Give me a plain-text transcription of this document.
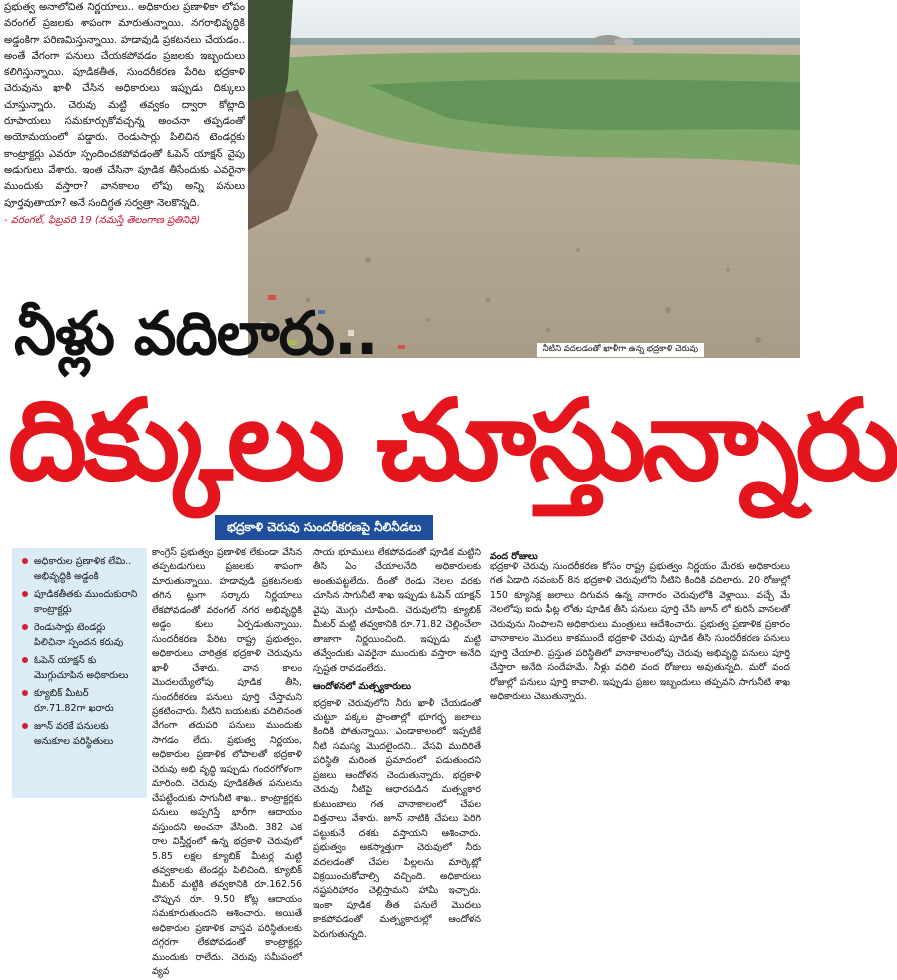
ప్రభుత్వ అనాలోచిత నిర్ణయాలు.. అధికారుల ప్రణాళికా లోపం వరంగల్ ప్రజలకు శాపంగా మారుతున్నాయి. నగరాభివృద్ధికి అడ్డంకిగా పరిణమిస్తున్నాయి. హడావుడి ప్రకటనలు చేయడం.. అంతే వేగంగా పనులు చేయకపోవడం ప్రజలకు ఇబ్బందులు కలిగిస్తున్నాయి. పూడికతీత, సుందరీకరణ పేరిట భద్రకాళి చెరువును ఖాళీ చేసిన అధికారులు ఇప్పుడు దిక్కులు చూస్తున్నారు. చెరువు మట్టి తవ్వకం ద్వారా కోట్లాది రూపాయలు సమకూర్చుకోవచ్చన్న అంచనా తప్పడంతో అయోమయంలో పడ్డారు. రెండుసార్లు పిలిచిన టెండర్లకు కాంట్రాక్టర్లు ఎవరూ స్పందించకపోవడంతో ఓపెన్ యాక్షన్ వైపు అడుగులు వేశారు. ఇంత చేసినా పూడిక తీసేందుకు ఎవరైనా ముందుకు వస్తారా? వానకాలం లోపు అన్ని పనులు పూర్తవుతాయా? అనే సందిగ్ధత సర్వత్రా నెలకొన్నది.

- వరంగల్, ఫిబ్రవరి 19 (నమస్తే తెలంగాణ ప్రతినిధి)

నీటిని వదలడంతో ఖాళీగా ఉన్న భద్రకాళి చెరువు
నీళ్లు వదిలారు..
దిక్కులు చూస్తున్నారు
భద్రకాళి చెరువు సుందరీకరణపై నీలినీడలు
అధికారుల ప్రణాళిక లేమి.. అభివృద్ధికి అడ్డంకి
పూడికతీతకు ముందుకురాని కాంట్రాక్టర్లు
రెండుసార్లు టెండర్లు పిలిచినా స్పందన కరువు
ఓపెన్ యాక్షన్ కు మొగ్గుచూపిన అధికారులు
క్యూబిక్ మీటర్ రూ.71.82గా ఖరారు
జూన్ వరకే పనులకు అనుకూల పరిస్థితులు

కాంగ్రెస్ ప్రభుత్వం ప్రణాళిక లేకుండా వేసిన తప్పటడుగులు ప్రజలకు శాపంగా మారుతున్నాయి. హడావుడి ప్రకటనలకు తగిన ట్లుగా సర్కారు నిర్ణయాలు లేకపోవడంతో వరంగల్ నగర అభివృద్ధికి అడ్డం కులు ఏర్పడుతున్నాయి. సుందరీకరణ పేరిట రాష్ట్ర ప్రభుత్వం, అధికారులు చారిత్రక భద్రకాళి చెరువును ఖాళీ చేశారు. వాన కాలం మొదలయ్యేలోపు పూడిక తీసి, సుందరీకరణ పనులు పూర్తి చేస్తామని ప్రకటించారు. నీటిని బయటకు వదిలినంత వేగంగా తదుపరి పనులు ముందుకు సాగడం లేదు. ప్రభుత్వ నిర్ణయం, అధికారుల ప్రణాళిక లోపాలతో భద్రకాళి చెరువు అభి వృద్ధి ఇప్పుడు గందరగోళంగా మారింది. చెరువు పూడికతీత పనులను చేపట్టేందుకు సాగునీటి శాఖ.. కాంట్రాక్టర్లకు పనులు అప్పగిస్తే భారీగా ఆదాయం వస్తుందని అంచనా వేసింది. 382 ఎక రాల విస్తీర్ణంలో ఉన్న భద్రకాళి చెరువులో 5.85 లక్షల క్యూబిక్ మీటర్ల మట్టి తవ్వకాలకు టెండర్లు పిలిచింది. క్యూబిక్ మీటర్ మట్టికి తవ్వకానికి రూ.162.56 చొప్పున రూ. 9.50 కోట్ల ఆదాయం సమకూరుతుందని ఆశించారు. అయితే అధికారుల ప్రణాళిక వాస్తవ పరిస్థితులకు దగ్గరగా లేకపోవడంతో కాంట్రాక్టర్లు ముందుకు రాలేదు. చెరువు సమీపంలో వ్యవ

సాయ భూములు లేకపోవడంతో పూడిక మట్టిని తీసి ఏం చేయాలనేది అధికారులకు అంతుపట్టలేదు. దీంతో రెండు నెలల వరకు చూసిన సాగునీటి శాఖ ఇప్పుడు ఓపెన్ యాక్షన్ వైపు మొగ్గు చూపింది. చెరువులోని క్యూబిక్ మీటర్ మట్టి తవ్వకానికి రూ.71.82 చెల్లించేలా తాజాగా నిర్ణయించింది. ఇప్పుడు మట్టి తవ్వేందుకు ఎవరైనా ముందుకు వస్తారా అనేది స్పష్టత రావడంలేదు.

ఆందోళనలో మత్స్యకారులు

భద్రకాళి చెరువులోని నీరు ఖాళీ చేయడంతో చుట్టూ పక్కల ప్రాంతాల్లో భూగర్భ జలాలు కిందికి పోతున్నాయి. ఎండాకాలంలో ఇప్పటికే నీటి సమస్య మొదలైందని.. వేసవి ముదిరితే పరిస్థితి మరింత ప్రమాదంలో పడుతుందని ప్రజలు ఆందోళన చెందుతున్నారు. భద్రకాళి చెరువు నీటిపై ఆధారపడిన మత్స్యకార కుటుంబాలు గత వానాకాలంలో చేపల విత్తనాలు వేశారు. జూన్ నాటికి చేపలు పెరిగి పట్టుకునే దశకు వస్తాయని ఆశించారు. ప్రభుత్వం అకస్మాత్తుగా చెరువులో నీరు వదలడంతో చేపల పిల్లలను మార్కెట్లో విక్రయించుకోవాల్సి వచ్చింది. అధికారులు నష్టపరిహారం చెల్లిస్తామని హామీ ఇచ్చారు. ఇంకా పూడిక తీత పనులే మొదలు కాకపోవడంతో మత్స్యకారుల్లో ఆందోళన పెరుగుతున్నది.

వంద రోజులు

భద్రకాళి చెరువు సుందరీకరణ కోసం రాష్ట్ర ప్రభుత్వం నిర్ణయం మేరకు అధికారులు గత ఏడాది నవంబర్ 8న భద్రకాళి చెరువులోని నీటిని కిందికి వదిలారు. 20 రోజుల్లో 150 క్యూసెక్ల జలాలు దిగువన ఉన్న నాగారం చెరువులోకి వెళ్లాయి. వచ్చే మే నెలలోపు ఐదు ఫీట్ల లోతు పూడిక తీసి పనులు పూర్తి చేసి జూన్ లో కురిసే వానలతో చెరువును నింపాలని అధికారులు మంత్రులు ఆదేశించారు. ప్రభుత్వ ప్రణాళిక ప్రకారం వానాకాలం మొదలు కాకముందే భద్రకాళి చెరువు పూడిక తీసి సుందరీకరణ పనులు పూర్తి చేయాలి. ప్రస్తుత పరిస్థితిలో వానాకాలంలోపు చెరువు అభివృద్ధి పనులు పూర్తి చేస్తారా అనేది సందేహమే. నీళ్లు వదిలి వంద రోజులు అవుతున్నది. మరో వంద రోజుల్లో పనులు పూర్తి కావాలి. ఇప్పుడు ప్రజల ఇబ్బందులు తప్పవని సాగునీటి శాఖ అధికారులు చెబుతున్నారు.
